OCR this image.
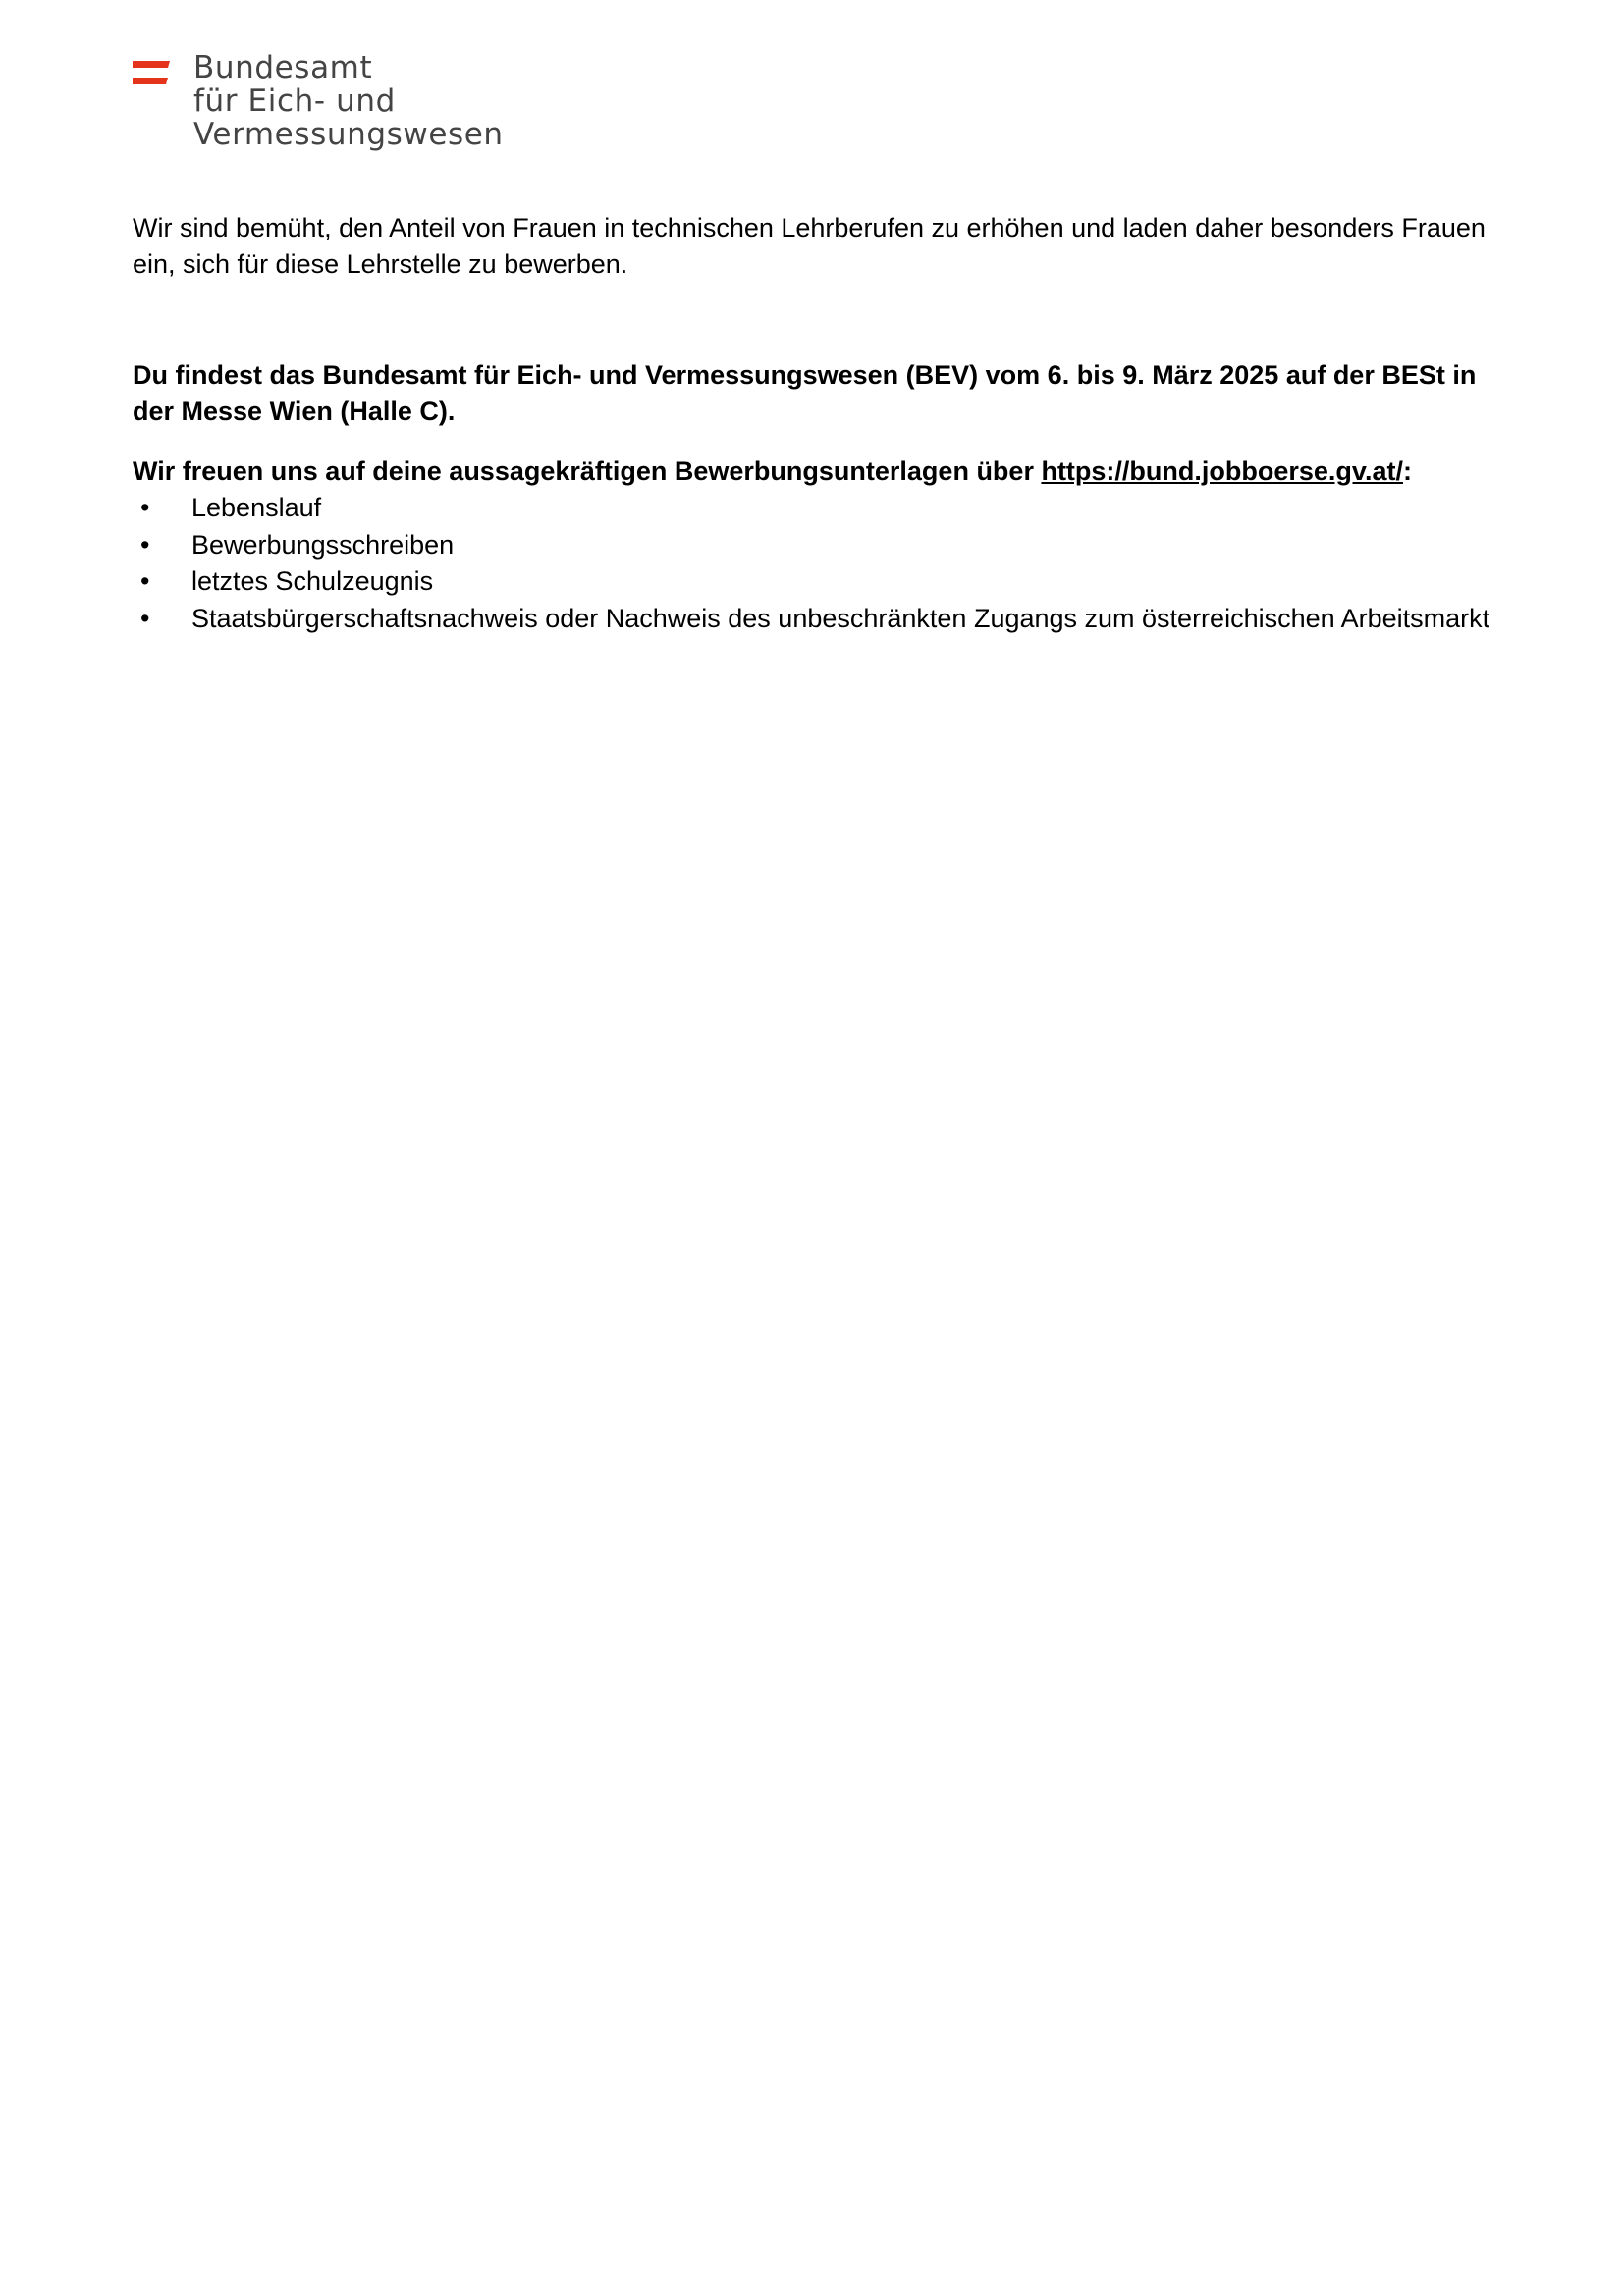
Bundesamt
für Eich- und
Vermessungswesen

Wir sind bemüht, den Anteil von Frauen in technischen Lehrberufen zu erhöhen und laden daher besonders Frauen ein, sich für diese Lehrstelle zu bewerben.

Du findest das Bundesamt für Eich- und Vermessungswesen (BEV) vom 6. bis 9. März 2025 auf der BESt in der Messe Wien (Halle C).

Wir freuen uns auf deine aussagekräftigen Bewerbungsunterlagen über https://bund.jobboerse.gv.at/:

• Lebenslauf
• Bewerbungsschreiben
• letztes Schulzeugnis
• Staatsbürgerschaftsnachweis oder Nachweis des unbeschränkten Zugangs zum österreichischen Arbeitsmarkt
